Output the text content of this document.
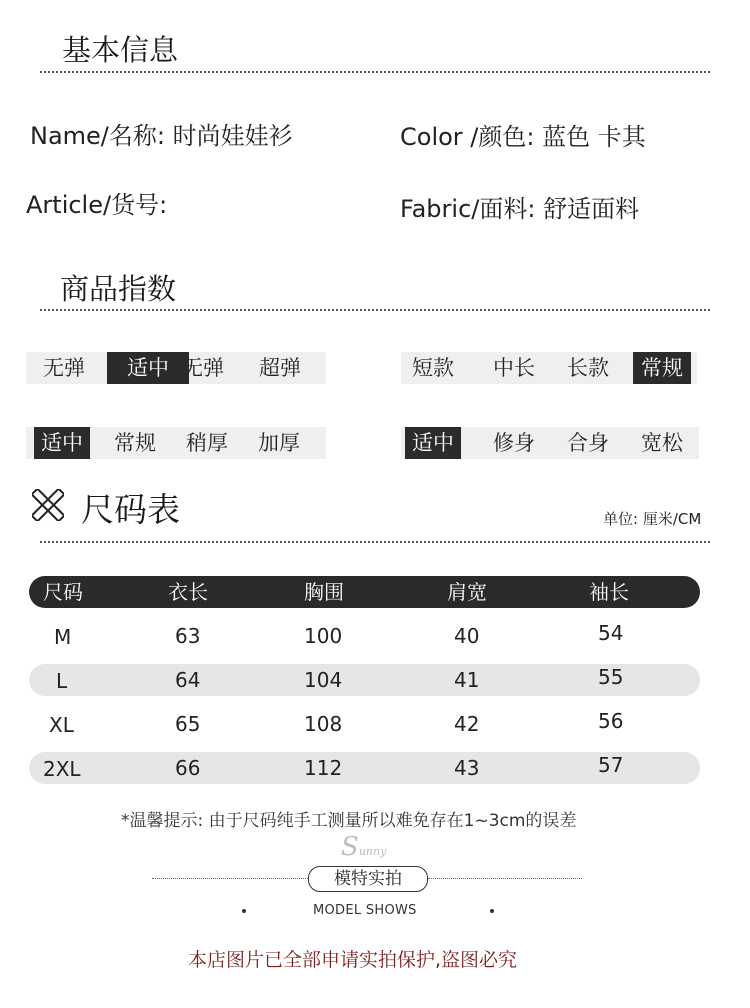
基本信息
Name/名称: 时尚娃娃衫	Color /颜色: 蓝色 卡其
Article/货号:	Fabric/面料: 舒适面料
商品指数
无弹	适中 无弹	超弹	短款	中长	长款	常规
适中	常规	稍厚	加厚	适中	修身	合身	宽松
尺码表	单位: 厘米/CM
尺码	衣长	胸围	肩宽	袖长
M	63	100	40	54
L	64	104	41	55
XL	65	108	42	56
2XL	66	112	43	57
*温馨提示: 由于尺码纯手工测量所以难免存在1~3cm的误差
Sunny
模特实拍
MODEL SHOWS
本店图片已全部申请实拍保护,盗图必究
